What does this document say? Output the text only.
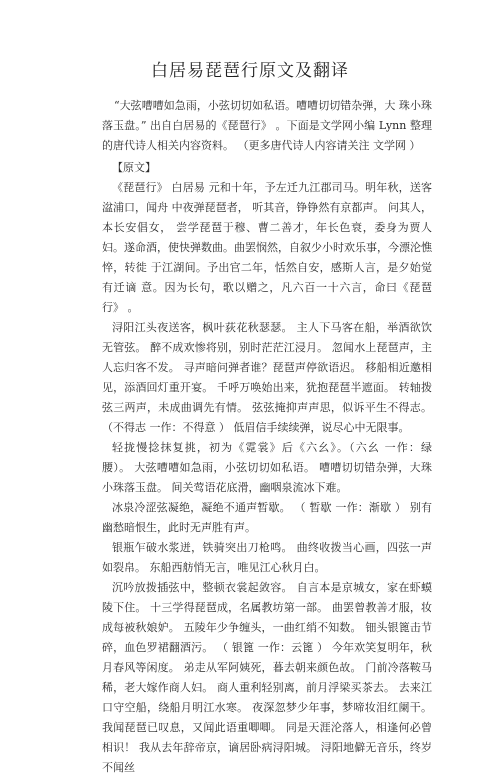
白居易琵琶行原文及翻译

“大弦嘈嘈如急雨，小弦切切如私语。嘈嘈切切错杂弹，大 珠小珠落玉盘。” 出自白居易的《琵琶行》 。下面是文学网小编 Lynn 整理的唐代诗人相关内容资料。 （更多唐代诗人内容请关注 文学网 ）

【原文】

《琵琶行》 白居易 元和十年，予左迁九江郡司马。明年秋，送客湓浦口，闻舟 中夜弹琵琶者， 听其音，铮铮然有京都声。 问其人，本长安倡女， 尝学琵琶于穆、曹二善才，年长色衰，委身为贾人妇。遂命酒，使快弹数曲。曲罢悯然，自叙少小时欢乐事，今漂沦憔悴，转徙 于江湖间。予出官二年，恬然自安，感斯人言，是夕始觉有迁谪 意。因为长句，歌以赠之，凡六百一十六言，命曰《琵琶行》 。

浔阳江头夜送客，枫叶荻花秋瑟瑟。 主人下马客在船，举酒欲饮无管弦。 醉不成欢惨将别，别时茫茫江浸月。 忽闻水上琵琶声，主人忘归客不发。 寻声暗问弹者谁？琵琶声停欲语迟。 移船相近邀相见，添酒回灯重开宴。 千呼万唤始出来，犹抱琵琶半遮面。 转轴拨弦三两声，未成曲调先有情。 弦弦掩抑声声思，似诉平生不得志。 （不得志 一作：不得意 ） 低眉信手续续弹，说尽心中无限事。

轻拢慢捻抹复挑，初为《霓裳》后《六幺》。（六幺 一作：绿 腰）。 大弦嘈嘈如急雨，小弦切切如私语。 嘈嘈切切错杂弹，大珠小珠落玉盘。 间关莺语花底滑，幽咽泉流冰下难。

冰泉冷涩弦凝绝，凝绝不通声暂歇。 （ 暂歇 一作：渐歇 ） 别有幽愁暗恨生，此时无声胜有声。

银瓶乍破水浆迸，铁骑突出刀枪鸣。 曲终收拨当心画，四弦一声如裂帛。 东船西舫悄无言，唯见江心秋月白。

沉吟放拨插弦中，整顿衣裳起敛容。 自言本是京城女，家在虾蟆陵下住。 十三学得琵琶成，名属教坊第一部。 曲罢曾教善才服，妆成每被秋娘妒。 五陵年少争缠头，一曲红绡不知数。 钿头银篦击节碎，血色罗裙翻酒污。 （ 银篦 一作：云篦 ） 今年欢笑复明年，秋月春风等闲度。 弟走从军阿姨死，暮去朝来颜色故。 门前冷落鞍马稀，老大嫁作商人妇。 商人重利轻别离，前月浮梁买茶去。 去来江口守空船，绕船月明江水寒。 夜深忽梦少年事，梦啼妆泪红阑干。 我闻琵琶已叹息，又闻此语重唧唧。 同是天涯沦落人，相逢何必曾相识！ 我从去年辞帝京，谪居卧病浔阳城。 浔阳地僻无音乐，终岁不闻丝
